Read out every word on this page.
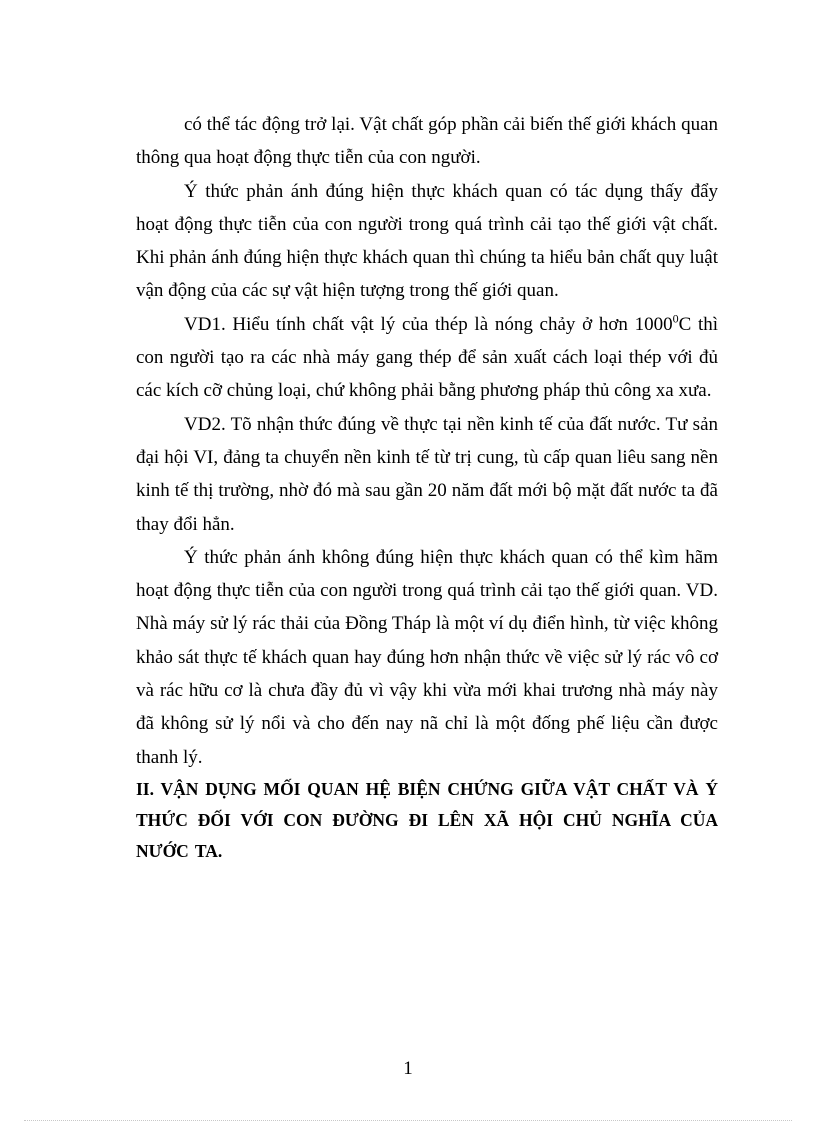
có thể tác động trở lại. Vật chất góp phần cải biến thế giới khách quan thông qua hoạt động thực tiễn của con người.

Ý thức phản ánh đúng hiện thực khách quan có tác dụng thấy đẩy hoạt động thực tiễn của con người trong quá trình cải tạo thế giới vật chất. Khi phản ánh đúng hiện thực khách quan thì chúng ta hiểu bản chất quy luật vận động của các sự vật hiện tượng trong thế giới quan.

VD1. Hiểu tính chất vật lý của thép là nóng chảy ở hơn 1000$^0$C thì con người tạo ra các nhà máy gang thép để sản xuất cách loại thép với đủ các kích cỡ chủng loại, chứ không phải bằng phương pháp thủ công xa xưa.

VD2. Tõ nhận thức đúng về thực tại nền kinh tế của đất nước. Tư sản đại hội VI, đảng ta chuyển nền kinh tế từ trị cung, tù cấp quan liêu sang nền kinh tế thị trường, nhờ đó mà sau gần 20 năm đất mới bộ mặt đất nước ta đã thay đổi hẳn.

Ý thức phản ánh không đúng hiện thực khách quan có thể kìm hãm hoạt động thực tiễn của con người trong quá trình cải tạo thế giới quan. VD. Nhà máy sử lý rác thải của Đồng Tháp là một ví dụ điển hình, từ việc không khảo sát thực tế khách quan hay đúng hơn nhận thức về việc sử lý rác vô cơ và rác hữu cơ là chưa đầy đủ vì vậy khi vừa mới khai trương nhà máy này đã không sử lý nổi và cho đến nay nã chỉ là một đống phế liệu cần được thanh lý.

II. VẬN DỤNG MỐI QUAN HỆ BIỆN CHỨNG GIỮA VẬT CHẤT VÀ Ý THỨC ĐỐI VỚI CON ĐƯỜNG ĐI LÊN XÃ HỘI CHỦ NGHĨA CỦA NƯỚC TA.

1
